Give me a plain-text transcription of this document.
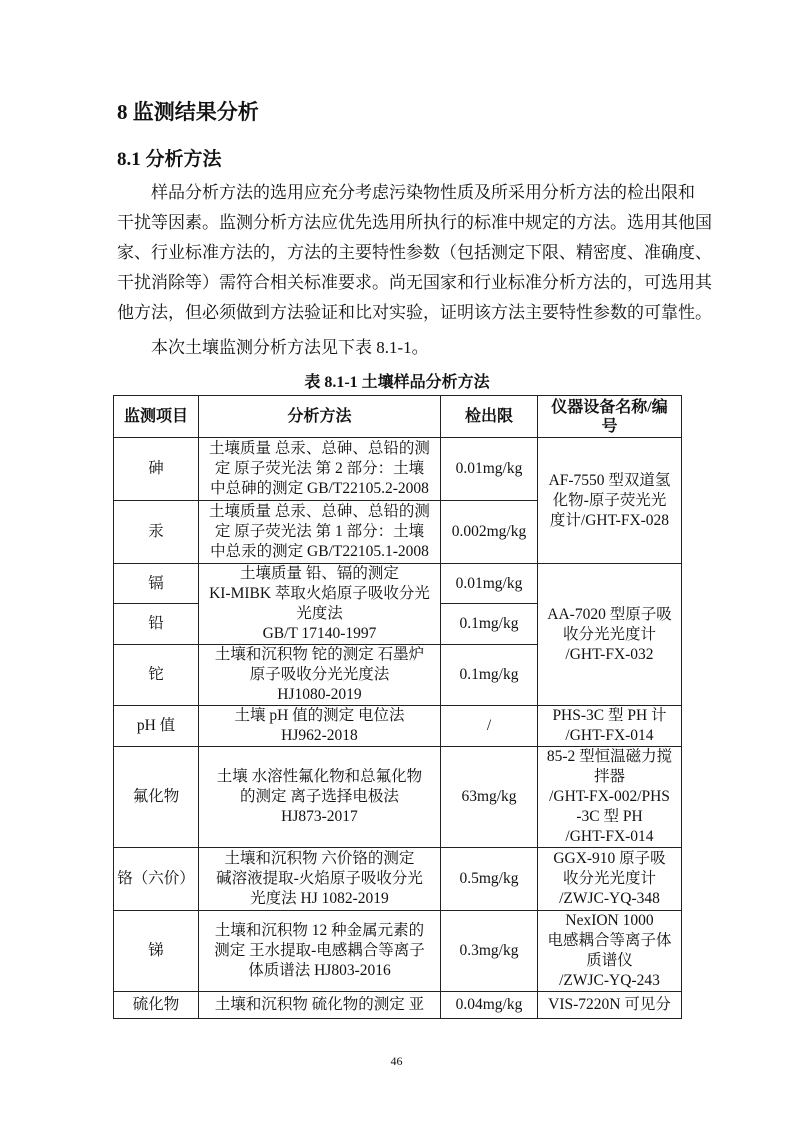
8 监测结果分析
8.1 分析方法
样品分析方法的选用应充分考虑污染物性质及所采用分析方法的检出限和
干扰等因素。监测分析方法应优先选用所执行的标准中规定的方法。选用其他国
家、行业标准方法的，方法的主要特性参数（包括测定下限、精密度、准确度、
干扰消除等）需符合相关标准要求。尚无国家和行业标准分析方法的，可选用其
他方法，但必须做到方法验证和比对实验，证明该方法主要特性参数的可靠性。
本次土壤监测分析方法见下表 8.1-1。
表 8.1-1 土壤样品分析方法
监测项目	分析方法	检出限	仪器设备名称/编
号
砷	土壤质量 总汞、总砷、总铅的测
定 原子荧光法 第 2 部分：土壤
中总砷的测定 GB/T22105.2-2008	0.01mg/kg	AF-7550 型双道氢
化物-原子荧光光
度计/GHT-FX-028
汞	土壤质量 总汞、总砷、总铅的测
定 原子荧光法 第 1 部分：土壤
中总汞的测定 GB/T22105.1-2008	0.002mg/kg	
镉	土壤质量 铅、镉的测定
KI-MIBK 萃取火焰原子吸收分光
光度法
GB/T 17140-1997	0.01mg/kg	AA-7020 型原子吸
收分光光度计
/GHT-FX-032
铅		0.1mg/kg	
铊	土壤和沉积物 铊的测定 石墨炉
原子吸收分光光度法
HJ1080-2019	0.1mg/kg	
pH 值	土壤 pH 值的测定 电位法
HJ962-2018	/	PHS-3C 型 PH 计
/GHT-FX-014
氟化物	土壤 水溶性氟化物和总氟化物
的测定 离子选择电极法
HJ873-2017	63mg/kg	85-2 型恒温磁力搅
拌器
/GHT-FX-002/PHS
-3C 型 PH
/GHT-FX-014
铬（六价）	土壤和沉积物 六价铬的测定
碱溶液提取-火焰原子吸收分光
光度法 HJ 1082-2019	0.5mg/kg	GGX-910 原子吸
收分光光度计
/ZWJC-YQ-348
锑	土壤和沉积物 12 种金属元素的
测定 王水提取-电感耦合等离子
体质谱法 HJ803-2016	0.3mg/kg	NexION 1000
电感耦合等离子体
质谱仪
/ZWJC-YQ-243
硫化物	土壤和沉积物 硫化物的测定 亚	0.04mg/kg	VIS-7220N 可见分
46
